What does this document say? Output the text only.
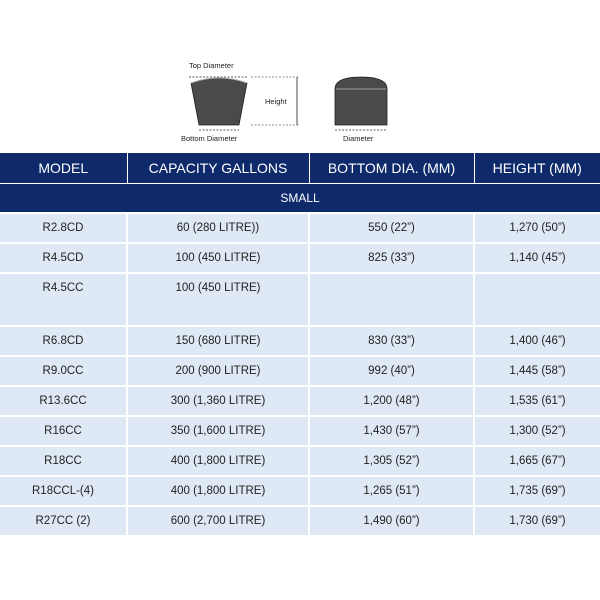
Top Diameter
Bottom Diameter
Height
Diameter
MODEL	CAPACITY GALLONS	BOTTOM DIA. (MM)	HEIGHT (MM)
SMALL			
R2.8CD	60 (280 LITRE))	550 (22”)	1,270 (50”)
R4.5CD	100 (450 LITRE)	825 (33”)	1,140 (45”)
R4.5CC	100 (450 LITRE)		
R6.8CD	150 (680 LITRE)	830 (33”)	1,400 (46”)
R9.0CC	200 (900 LITRE)	992 (40”)	1,445 (58”)
R13.6CC	300 (1,360 LITRE)	1,200 (48”)	1,535 (61”)
R16CC	350 (1,600 LITRE)	1,430 (57”)	1,300 (52”)
R18CC	400 (1,800 LITRE)	1,305 (52”)	1,665 (67”)
R18CCL-(4)	400 (1,800 LITRE)	1,265 (51”)	1,735 (69”)
R27CC (2)	600 (2,700 LITRE)	1,490 (60”)	1,730 (69”)
